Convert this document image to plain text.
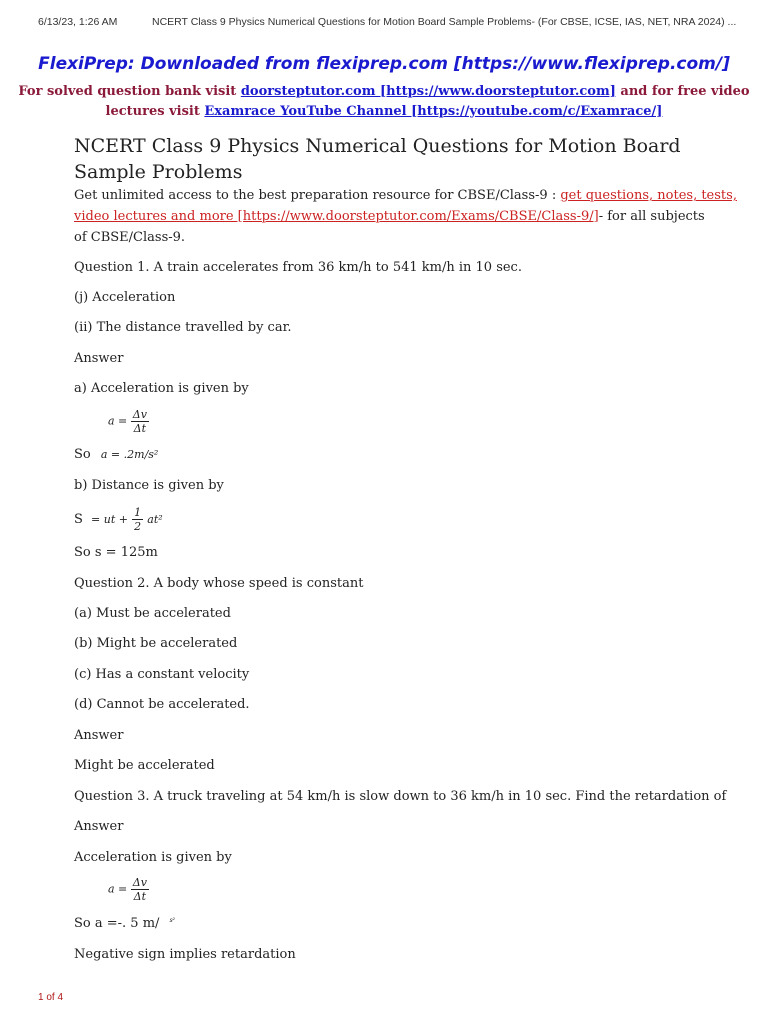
6/13/23, 1:26 AM	NCERT Class 9 Physics Numerical Questions for Motion Board Sample Problems- (For CBSE, ICSE, IAS, NET, NRA 2024) ...
FlexiPrep: Downloaded from flexiprep.com [https://www.flexiprep.com/]
For solved question bank visit doorsteptutor.com [https://www.doorsteptutor.com] and for free video
lectures visit Examrace YouTube Channel [https://youtube.com/c/Examrace/]
NCERT Class 9 Physics Numerical Questions for Motion Board
Sample Problems
Get unlimited access to the best preparation resource for CBSE/Class-9 : get questions, notes, tests,
video lectures and more [https://www.doorsteptutor.com/Exams/CBSE/Class-9/]- for all subjects
of CBSE/Class-9.
Question 1. A train accelerates from 36 km/h to 541 km/h in 10 sec.
(j) Acceleration
(ii) The distance travelled by car.
Answer
a) Acceleration is given by
$a = \frac{\Delta v}{\Delta t}$
So a = .2m/s²
b) Distance is given by
S = ut + $\frac{1}{2} at^2$
So s = 125m
Question 2. A body whose speed is constant
(a) Must be accelerated
(b) Might be accelerated
(c) Has a constant velocity
(d) Cannot be accelerated.
Answer
Might be accelerated
Question 3. A truck traveling at 54 km/h is slow down to 36 km/h in 10 sec. Find the retardation of
Answer
Acceleration is given by
$a = \frac{\Delta v}{\Delta t}$
So a =-. 5 m/ $^{s^2}$
Negative sign implies retardation
1 of 4
